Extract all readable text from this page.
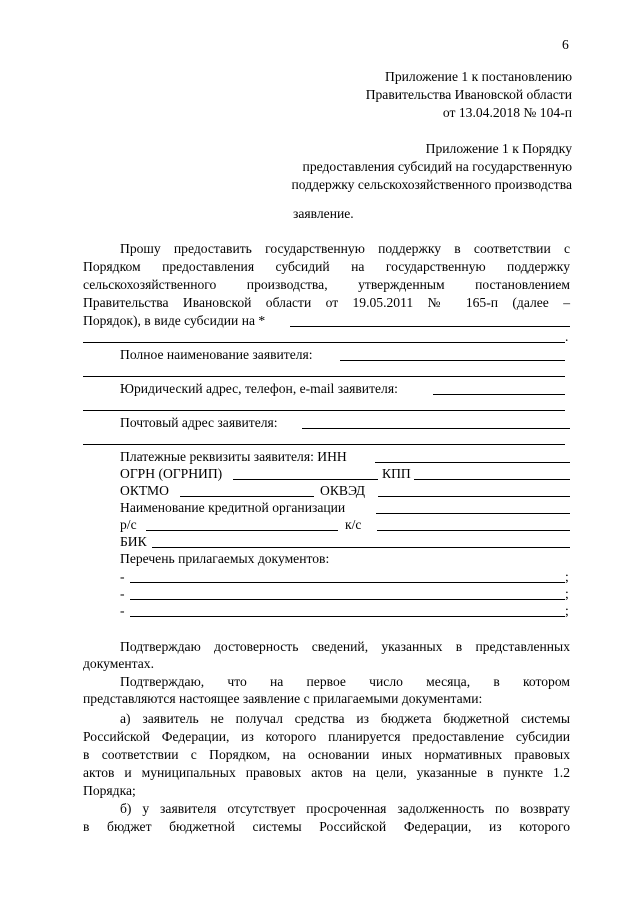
6
Приложение 1 к постановлению
Правительства Ивановской области
от 13.04.2018 № 104-п
Приложение 1 к Порядку
предоставления субсидий на государственную
поддержку сельскохозяйственного производства
заявление.
Прошу предоставить государственную поддержку в соответствии с
Порядком предоставления субсидий на государственную поддержку
сельскохозяйственного производства, утвержденным постановлением
Правительства Ивановской области от 19.05.2011 № 165-п (далее –
Порядок), в виде субсидии на *
.
Полное наименование заявителя:
Юридический адрес, телефон, e-mail заявителя:
Почтовый адрес заявителя:
Платежные реквизиты заявителя: ИНН
ОГРН (ОГРНИП)	КПП
ОКТМО	ОКВЭД
Наименование кредитной организации
р/с	к/с
БИК
Перечень прилагаемых документов:
-	;
-	;
-	;
Подтверждаю достоверность сведений, указанных в представленных
документах.
Подтверждаю, что на первое число месяца, в котором
представляются настоящее заявление с прилагаемыми документами:
а) заявитель не получал средства из бюджета бюджетной системы
Российской Федерации, из которого планируется предоставление субсидии
в соответствии с Порядком, на основании иных нормативных правовых
актов и муниципальных правовых актов на цели, указанные в пункте 1.2
Порядка;
б) у заявителя отсутствует просроченная задолженность по возврату
в бюджет бюджетной системы Российской Федерации, из которого
